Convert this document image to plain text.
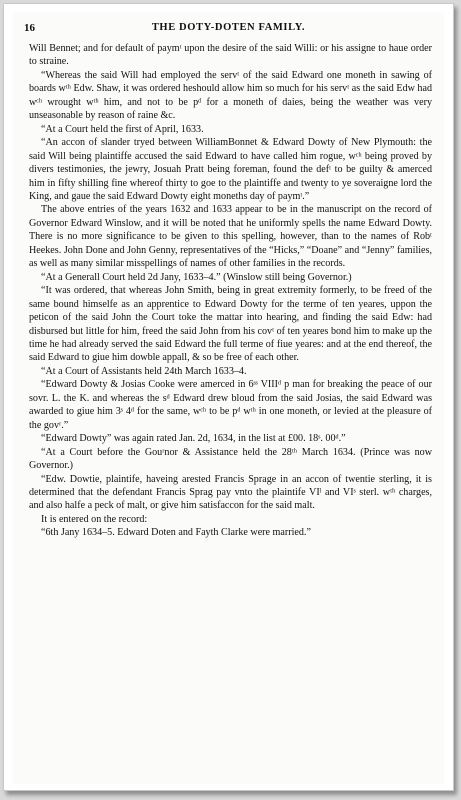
16	THE DOTY-DOTEN FAMILY.

Will Bennet; and for default of paymᵗ upon the desire of the said Willi: or his assigne to haue order to straine.

“Whereas the said Will had employed the servᵗ of the said Edward one moneth in sawing of boards wᵗʰ Edw. Shaw, it was ordered heshould allow him so much for his servᵗ as the said Edw had wᶜʰ wrought wᵗʰ him, and not to be pᵈ for a moneth of daies, being the weather was very unseasonable by reason of raine &c.

“At a Court held the first of April, 1633.

“An accon of slander tryed between WilliamBonnet & Edward Dowty of New Plymouth: the said Will being plaintiffe accused the said Edward to have called him rogue, wᶜʰ being proved by divers testimonies, the jewry, Josuah Pratt being foreman, found the defᵗ to be guilty & amerced him in fifty shilling fine whereof thirty to goe to the plaintiffe and twenty to ye soveraigne lord the King, and gaue the said Edward Dowty eight moneths day of paymᵗ.”

The above entries of the years 1632 and 1633 appear to be in the manuscript on the record of Governor Edward Winslow, and it will be noted that he uniformly spells the name Edward Dowty. There is no more significance to be given to this spelling, however, than to the names of Robᵗ Heekes. John Done and John Genny, representatives of the “Hicks,” “Doane” and “Jenny” families, as well as many similar misspellings of names of other families in the records.

“At a Generall Court held 2d Jany, 1633–4.” (Winslow still being Governor.)

“It was ordered, that whereas John Smith, being in great extremity formerly, to be freed of the same bound himselfe as an apprentice to Edward Dowty for the terme of ten yeares, uppon the peticon of the said John the Court toke the mattar into hearing, and finding the said Edw: had disbursed but little for him, freed the said John from his covᵗ of ten yeares bond him to make up the time he had already served the said Edward the full terme of fiue yeares: and at the end thereof, the said Edward to giue him dowble appall, & so be free of each other.

“At a Court of Assistants held 24th March 1633–4.

“Edward Dowty & Josias Cooke were amerced in 6ˢˢ VIIIᵈ p man for breaking the peace of our sovr. L. the K. and whereas the sᵈ Edward drew bloud from the said Josias, the said Edward was awarded to giue him 3ˢ 4ᵈ for the same, wᶜʰ to be pᵈ wᵗʰ in one moneth, or levied at the pleasure of the govʳ.”

“Edward Dowty” was again rated Jan. 2d, 1634, in the list at £00. 18ˢ. 00ᵈ.”

“At a Court before the Gouʳnor & Assistance held the 28ᵗʰ March 1634. (Prince was now Governor.)

“Edw. Dowtie, plaintife, haveing arested Francis Sprage in an accon of twentie sterling, it is determined that the defendant Francis Sprag pay vnto the plaintife VIˡ and VIˢ sterl. wᵗʰ charges, and also halfe a peck of malt, or give him satisfaccon for the said malt.

It is entered on the record:

“6th Jany 1634–5. Edward Doten and Fayth Clarke were married.”
